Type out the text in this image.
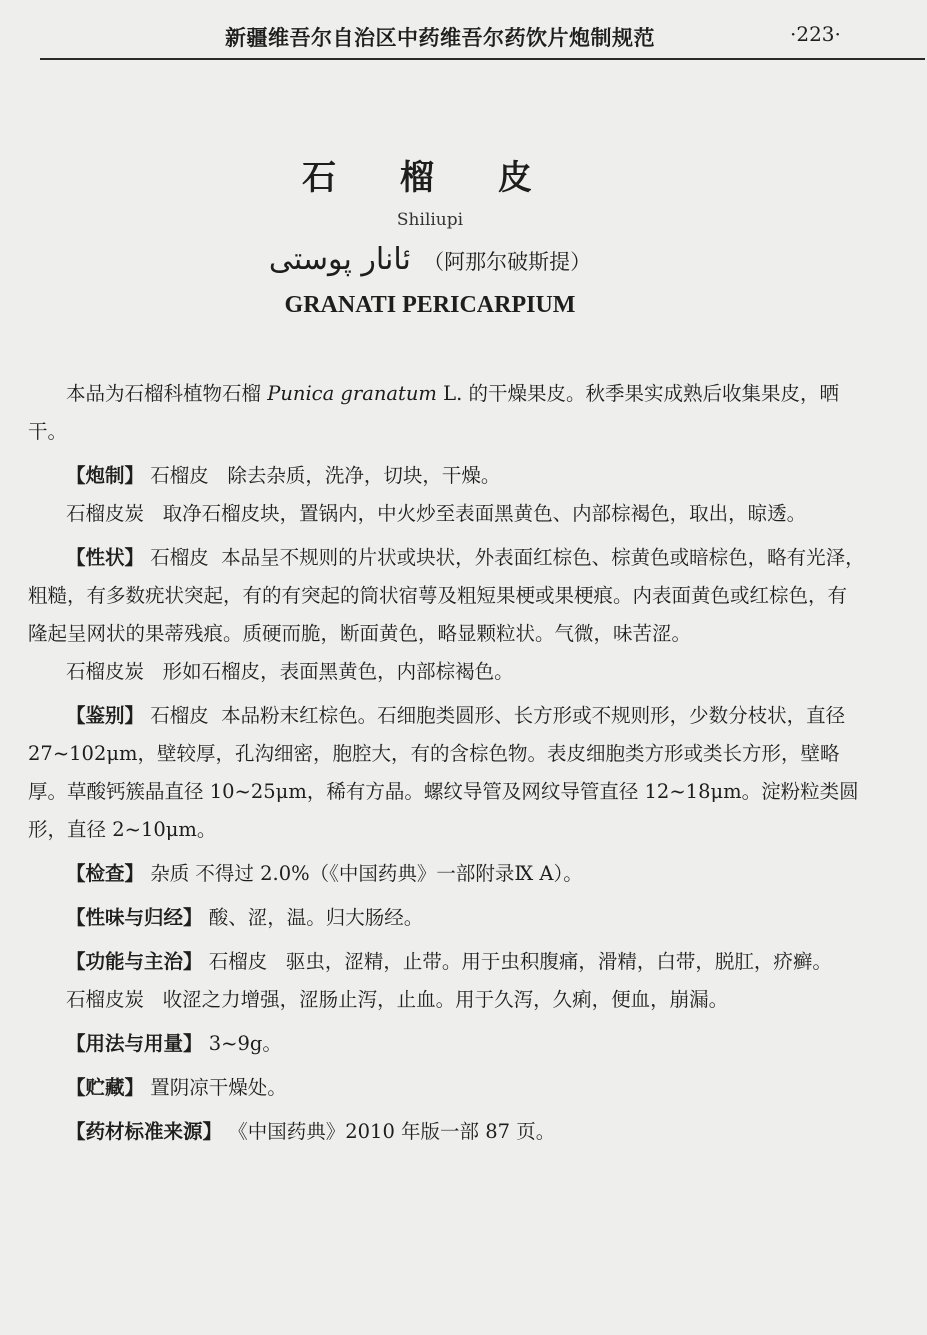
新疆维吾尔自治区中药维吾尔药饮片炮制规范	·223·
石 榴 皮
Shiliupi
ئانار پوستى （阿那尔破斯提）
GRANATI PERICARPIUM

本品为石榴科植物石榴 Punica granatum L. 的干燥果皮。秋季果实成熟后收集果皮，晒干。

【炮制】 石榴皮 除去杂质，洗净，切块，干燥。

石榴皮炭 取净石榴皮块，置锅内，中火炒至表面黑黄色、内部棕褐色，取出，晾透。

【性状】 石榴皮 本品呈不规则的片状或块状，外表面红棕色、棕黄色或暗棕色，略有光泽，粗糙，有多数疣状突起，有的有突起的筒状宿萼及粗短果梗或果梗痕。内表面黄色或红棕色，有隆起呈网状的果蒂残痕。质硬而脆，断面黄色，略显颗粒状。气微，味苦涩。

石榴皮炭 形如石榴皮，表面黑黄色，内部棕褐色。

【鉴别】 石榴皮 本品粉末红棕色。石细胞类圆形、长方形或不规则形，少数分枝状，直径 27~102μm，壁较厚，孔沟细密，胞腔大，有的含棕色物。表皮细胞类方形或类长方形，壁略厚。草酸钙簇晶直径 10~25μm，稀有方晶。螺纹导管及网纹导管直径 12~18μm。淀粉粒类圆形，直径 2~10μm。

【检查】 杂质 不得过 2.0%（《中国药典》一部附录Ⅸ A）。

【性味与归经】 酸、涩，温。归大肠经。

【功能与主治】 石榴皮 驱虫，涩精，止带。用于虫积腹痛，滑精，白带，脱肛，疥癣。

石榴皮炭 收涩之力增强，涩肠止泻，止血。用于久泻，久痢，便血，崩漏。

【用法与用量】 3~9g。

【贮藏】 置阴凉干燥处。

【药材标准来源】 《中国药典》2010 年版一部 87 页。
